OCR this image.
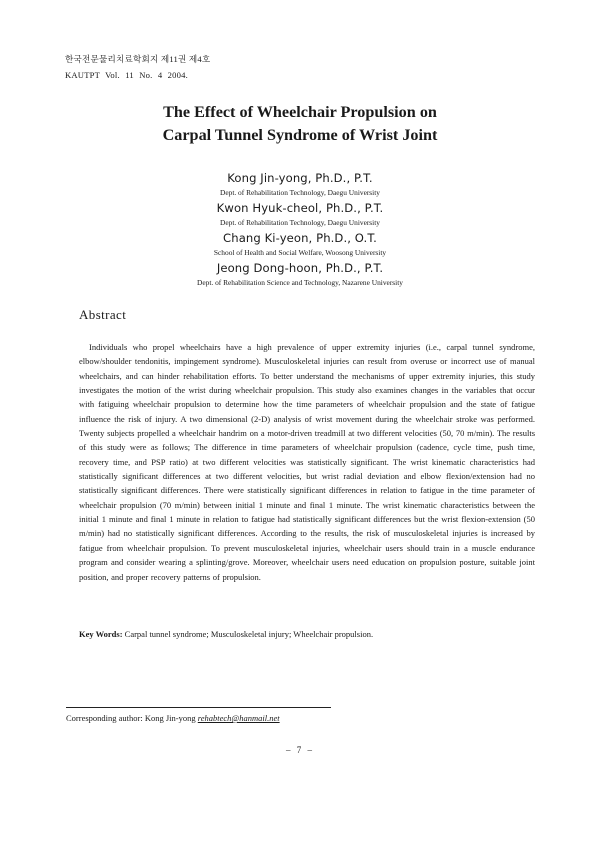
한국전문물리치료학회지 제11권 제4호
KAUTPT Vol. 11 No. 4 2004.
The Effect of Wheelchair Propulsion on
Carpal Tunnel Syndrome of Wrist Joint
Kong Jin-yong, Ph.D., P.T.
Dept. of Rehabilitation Technology, Daegu University
Kwon Hyuk-cheol, Ph.D., P.T.
Dept. of Rehabilitation Technology, Daegu University
Chang Ki-yeon, Ph.D., O.T.
School of Health and Social Welfare, Woosong University
Jeong Dong-hoon, Ph.D., P.T.
Dept. of Rehabilitation Science and Technology, Nazarene University
Abstract

Individuals who propel wheelchairs have a high prevalence of upper extremity injuries (i.e., carpal tunnel syndrome, elbow/shoulder tendonitis, impingement syndrome). Musculoskeletal injuries can result from overuse or incorrect use of manual wheelchairs, and can hinder rehabilitation efforts. To better understand the mechanisms of upper extremity injuries, this study investigates the motion of the wrist during wheelchair propulsion. This study also examines changes in the variables that occur with fatiguing wheelchair propulsion to determine how the time parameters of wheelchair propulsion and the state of fatigue influence the risk of injury. A two dimensional (2-D) analysis of wrist movement during the wheelchair stroke was performed. Twenty subjects propelled a wheelchair handrim on a motor-driven treadmill at two different velocities (50, 70 m/min). The results of this study were as follows; The difference in time parameters of wheelchair propulsion (cadence, cycle time, push time, recovery time, and PSP ratio) at two different velocities was statistically significant. The wrist kinematic characteristics had statistically significant differences at two different velocities, but wrist radial deviation and elbow flexion/extension had no statistically significant differences. There were statistically significant differences in relation to fatigue in the time parameter of wheelchair propulsion (70 m/min) between initial 1 minute and final 1 minute. The wrist kinematic characteristics between the initial 1 minute and final 1 minute in relation to fatigue had statistically significant differences but the wrist flexion-extension (50 m/min) had no statistically significant differences. According to the results, the risk of musculoskeletal injuries is increased by fatigue from wheelchair propulsion. To prevent musculoskeletal injuries, wheelchair users should train in a muscle endurance program and consider wearing a splinting/grove. Moreover, wheelchair users need education on propulsion posture, suitable joint position, and proper recovery patterns of propulsion.

Key Words: Carpal tunnel syndrome; Musculoskeletal injury; Wheelchair propulsion.
Corresponding author: Kong Jin-yong rehabtech@hanmail.net
– 7 –
